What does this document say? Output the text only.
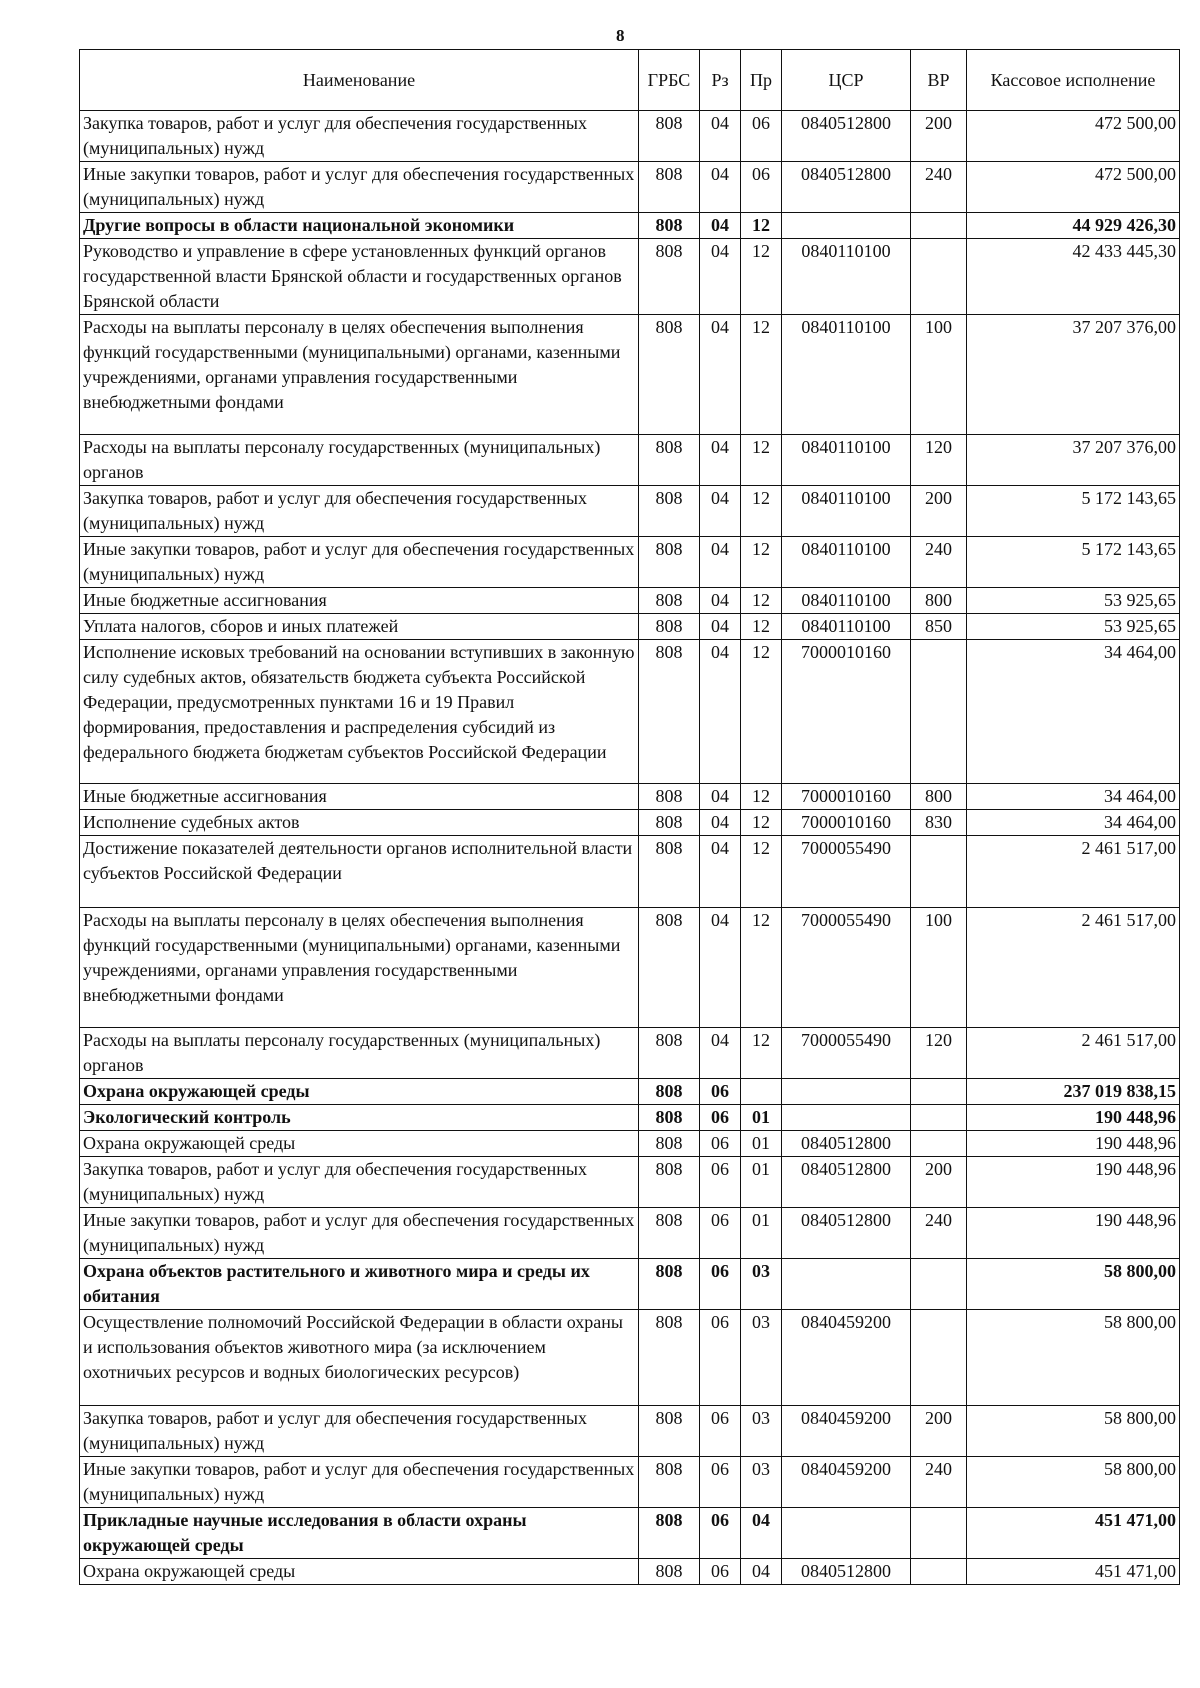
8
Наименование	ГРБС	Рз	Пр	ЦСР	ВР	Кассовое исполнение
Закупка товаров, работ и услуг для обеспечения государственных (муниципальных) нужд	808	04	06	0840512800	200	472 500,00
Иные закупки товаров, работ и услуг для обеспечения государственных (муниципальных) нужд	808	04	06	0840512800	240	472 500,00
Другие вопросы в области национальной экономики	808	04	12			44 929 426,30
Руководство и управление в сфере установленных функций органов государственной власти Брянской области и государственных органов Брянской области	808	04	12	0840110100		42 433 445,30
Расходы на выплаты персоналу в целях обеспечения выполнения функций государственными (муниципальными) органами, казенными учреждениями, органами управления государственными внебюджетными фондами	808	04	12	0840110100	100	37 207 376,00
Расходы на выплаты персоналу государственных (муниципальных) органов	808	04	12	0840110100	120	37 207 376,00
Закупка товаров, работ и услуг для обеспечения государственных (муниципальных) нужд	808	04	12	0840110100	200	5 172 143,65
Иные закупки товаров, работ и услуг для обеспечения государственных (муниципальных) нужд	808	04	12	0840110100	240	5 172 143,65
Иные бюджетные ассигнования	808	04	12	0840110100	800	53 925,65
Уплата налогов, сборов и иных платежей	808	04	12	0840110100	850	53 925,65
Исполнение исковых требований на основании вступивших в законную силу судебных актов, обязательств бюджета субъекта Российской Федерации, предусмотренных пунктами 16 и 19 Правил формирования, предоставления и распределения субсидий из федерального бюджета бюджетам субъектов Российской Федерации	808	04	12	7000010160		34 464,00
Иные бюджетные ассигнования	808	04	12	7000010160	800	34 464,00
Исполнение судебных актов	808	04	12	7000010160	830	34 464,00
Достижение показателей деятельности органов исполнительной власти субъектов Российской Федерации	808	04	12	7000055490		2 461 517,00
Расходы на выплаты персоналу в целях обеспечения выполнения функций государственными (муниципальными) органами, казенными учреждениями, органами управления государственными внебюджетными фондами	808	04	12	7000055490	100	2 461 517,00
Расходы на выплаты персоналу государственных (муниципальных) органов	808	04	12	7000055490	120	2 461 517,00
Охрана окружающей среды	808	06				237 019 838,15
Экологический контроль	808	06	01			190 448,96
Охрана окружающей среды	808	06	01	0840512800		190 448,96
Закупка товаров, работ и услуг для обеспечения государственных (муниципальных) нужд	808	06	01	0840512800	200	190 448,96
Иные закупки товаров, работ и услуг для обеспечения государственных (муниципальных) нужд	808	06	01	0840512800	240	190 448,96
Охрана объектов растительного и животного мира и среды их обитания	808	06	03			58 800,00
Осуществление полномочий Российской Федерации в области охраны и использования объектов животного мира (за исключением охотничьих ресурсов и водных биологических ресурсов)	808	06	03	0840459200		58 800,00
Закупка товаров, работ и услуг для обеспечения государственных (муниципальных) нужд	808	06	03	0840459200	200	58 800,00
Иные закупки товаров, работ и услуг для обеспечения государственных (муниципальных) нужд	808	06	03	0840459200	240	58 800,00
Прикладные научные исследования в области охраны окружающей среды	808	06	04			451 471,00
Охрана окружающей среды	808	06	04	0840512800		451 471,00
